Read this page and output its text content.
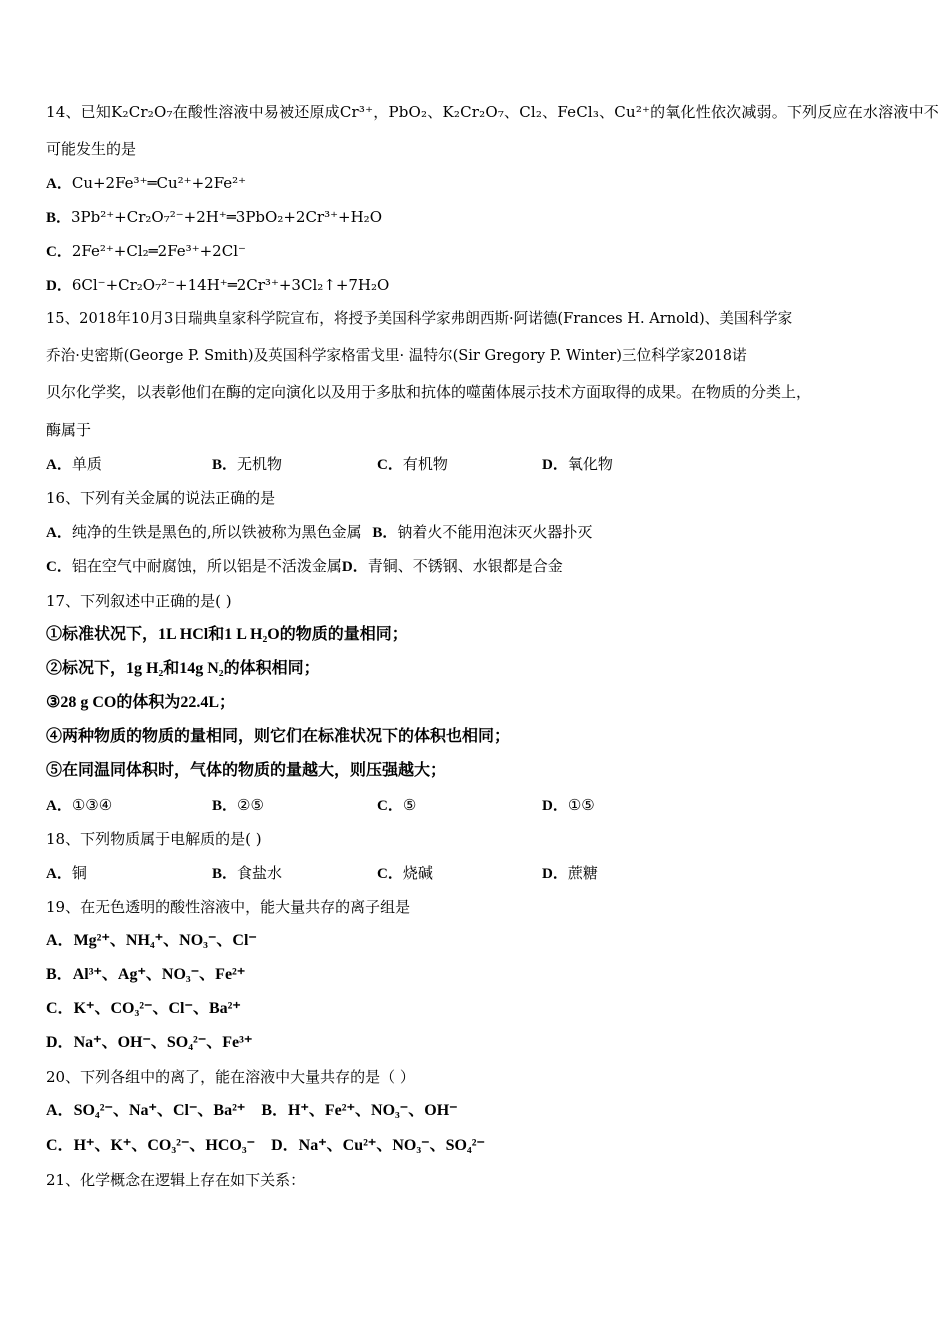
14、已知K₂Cr₂O₇在酸性溶液中易被还原成Cr³⁺，PbO₂、K₂Cr₂O₇、Cl₂、FeCl₃、Cu²⁺的氧化性依次减弱。下列反应在水溶液中不
可能发生的是
A．Cu+2Fe³⁺═Cu²⁺+2Fe²⁺
B．3Pb²⁺+Cr₂O₇²⁻+2H⁺═3PbO₂+2Cr³⁺+H₂O
C．2Fe²⁺+Cl₂═2Fe³⁺+2Cl⁻
D．6Cl⁻+Cr₂O₇²⁻+14H⁺═2Cr³⁺+3Cl₂↑+7H₂O
15、2018年10月3日瑞典皇家科学院宣布，将授予美国科学家弗朗西斯·阿诺德(Frances H. Arnold)、美国科学家
乔治·史密斯(George P. Smith)及英国科学家格雷戈里· 温特尔(Sir Gregory P. Winter)三位科学家2018诺
贝尔化学奖，以表彰他们在酶的定向演化以及用于多肽和抗体的噬菌体展示技术方面取得的成果。在物质的分类上，
酶属于
A．单质	B．无机物	C．有机物	D．氧化物
16、下列有关金属的说法正确的是
A．纯净的生铁是黑色的,所以铁被称为黑色金属 B．钠着火不能用泡沫灭火器扑灭
C．铝在空气中耐腐蚀，所以铝是不活泼金属D．青铜、不锈钢、水银都是合金
17、下列叙述中正确的是( )
①标准状况下，1L HCl和1 L H₂O的物质的量相同；
②标况下，1g H₂和14g N₂的体积相同；
③28 g CO的体积为22.4L；
④两种物质的物质的量相同，则它们在标准状况下的体积也相同；
⑤在同温同体积时，气体的物质的量越大，则压强越大；
A．①③④	B．②⑤	C．⑤	D．①⑤
18、下列物质属于电解质的是( )
A．铜	B．食盐水	C．烧碱	D．蔗糖
19、在无色透明的酸性溶液中，能大量共存的离子组是
A．Mg²⁺、NH₄⁺、NO₃⁻、Cl⁻
B．Al³⁺、Ag⁺、NO₃⁻、Fe²⁺
C．K⁺、CO₃²⁻、Cl⁻、Ba²⁺
D．Na⁺、OH⁻、SO₄²⁻、Fe³⁺
20、下列各组中的离了，能在溶液中大量共存的是（ ）
A．SO₄²⁻、Na⁺、Cl⁻、Ba²⁺ B．H⁺、Fe²⁺、NO₃⁻、OH⁻
C．H⁺、K⁺、CO₃²⁻、HCO₃⁻ D．Na⁺、Cu²⁺、NO₃⁻、SO₄²⁻
21、化学概念在逻辑上存在如下关系：
